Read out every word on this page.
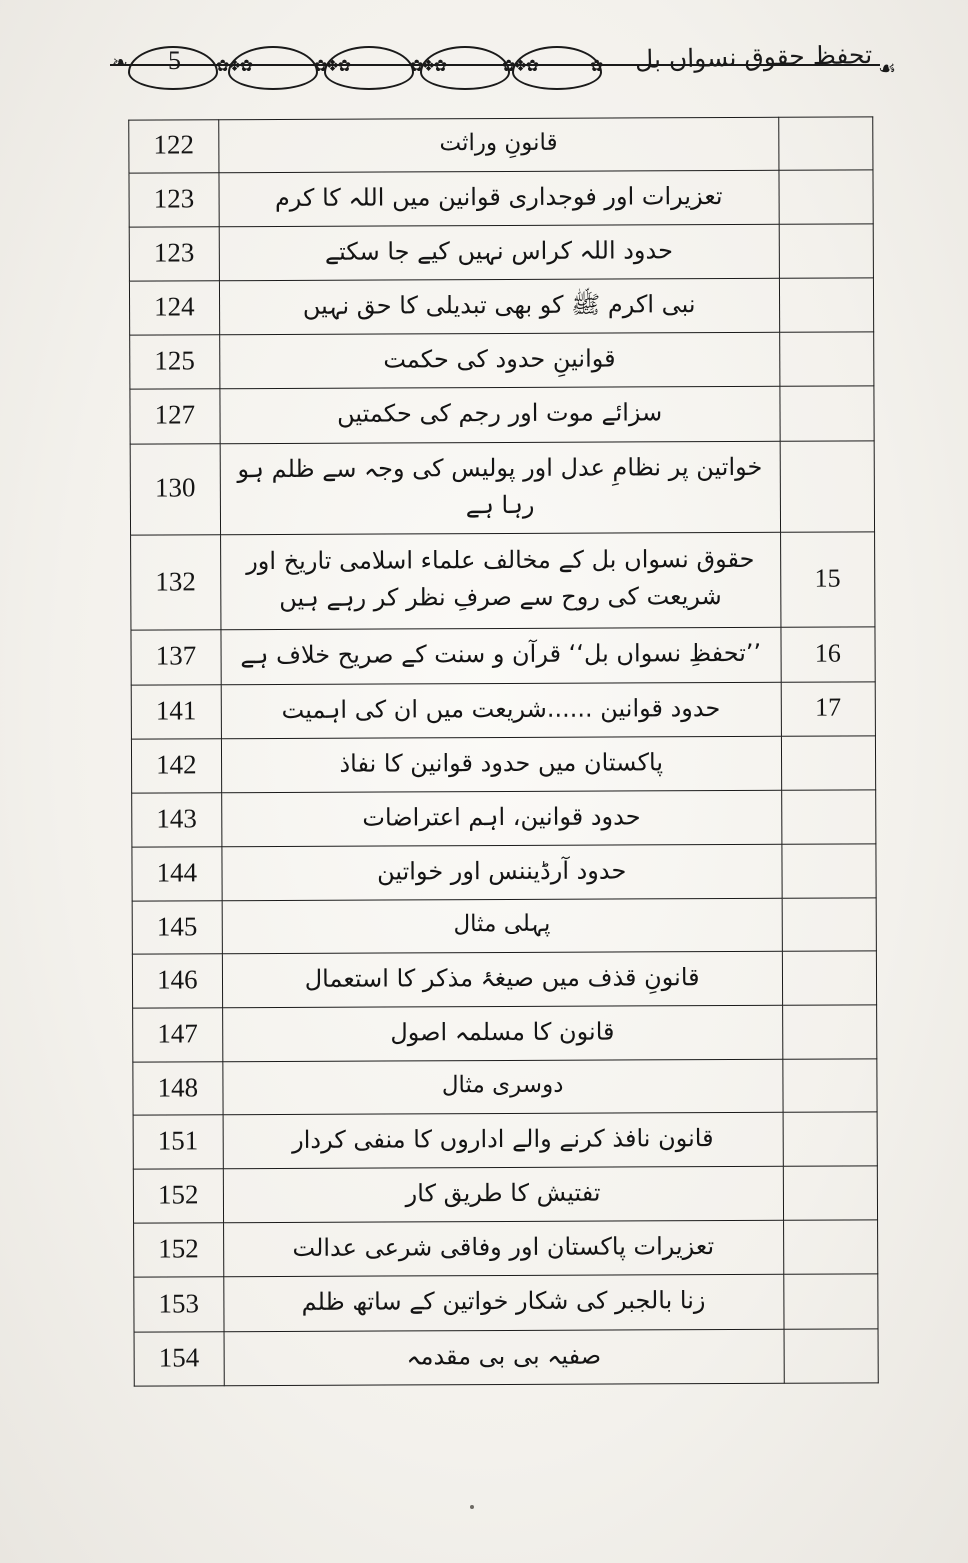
✿❖✿	✿❖✿	✿❖✿	✿❖✿	✿
❧ 5	تحفظ حقوق نسواں بل ☙
122	قانونِ وراثت	
123	تعزیرات اور فوجداری قوانین میں اللہ کا کرم	
123	حدود اللہ کراس نہیں کیے جا سکتے	
124	نبی اکرم ﷺ کو بھی تبدیلی کا حق نہیں	
125	قوانینِ حدود کی حکمت	
127	سزائے موت اور رجم کی حکمتیں	
130	خواتین پر نظامِ عدل اور پولیس کی وجہ سے ظلم ہو رہا ہے	
132	حقوق نسواں بل کے مخالف علماء اسلامی تاریخ اور شریعت کی روح سے صرفِ نظر کر رہے ہیں	15
137	’’تحفظِ نسواں بل‘‘ قرآن و سنت کے صریح خلاف ہے	16
141	حدود قوانین ......شریعت میں ان کی اہمیت	17
142	پاکستان میں حدود قوانین کا نفاذ	
143	حدود قوانین، اہم اعتراضات	
144	حدود آرڈیننس اور خواتین	
145	پہلی مثال	
146	قانونِ قذف میں صیغۂ مذکر کا استعمال	
147	قانون کا مسلمہ اصول	
148	دوسری مثال	
151	قانون نافذ کرنے والے اداروں کا منفی کردار	
152	تفتیش کا طریق کار	
152	تعزیرات پاکستان اور وفاقی شرعی عدالت	
153	زنا بالجبر کی شکار خواتین کے ساتھ ظلم	
154	صفیہ بی بی مقدمہ	
